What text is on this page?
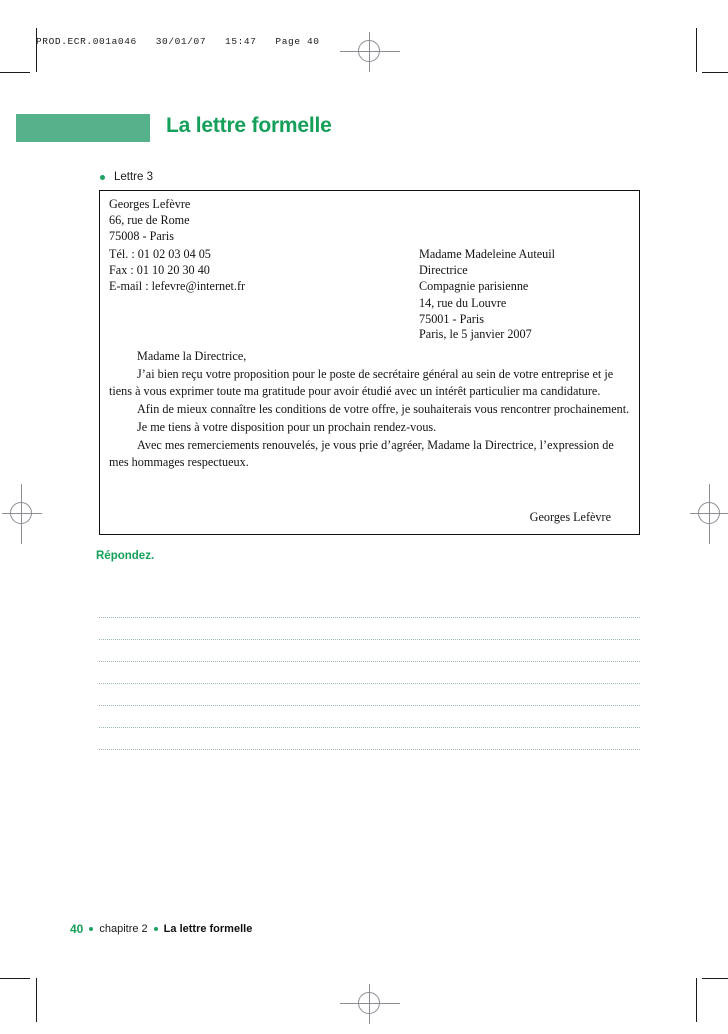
PROD.ECR.001a046   30/01/07   15:47   Page 40
La lettre formelle
Lettre 3
Georges Lefèvre
66, rue de Rome
75008 - Paris
Tél. : 01 02 03 04 05
Fax : 01 10 20 30 40
E-mail : lefevre@internet.fr
Madame Madeleine Auteuil
Directrice
Compagnie parisienne
14, rue du Louvre
75001 - Paris
Paris, le 5 janvier 2007

Madame la Directrice,

J’ai bien reçu votre proposition pour le poste de secrétaire général au sein de votre entreprise et je tiens à vous exprimer toute ma gratitude pour avoir étudié avec un intérêt particulier ma candidature.

Afin de mieux connaître les conditions de votre offre, je souhaiterais vous rencontrer prochainement.

Je me tiens à votre disposition pour un prochain rendez-vous.

Avec mes remerciements renouvelés, je vous prie d’agréer, Madame la Directrice, l’expression de mes hommages respectueux.

Georges Lefèvre
Répondez.
40 chapitre 2 La lettre formelle
